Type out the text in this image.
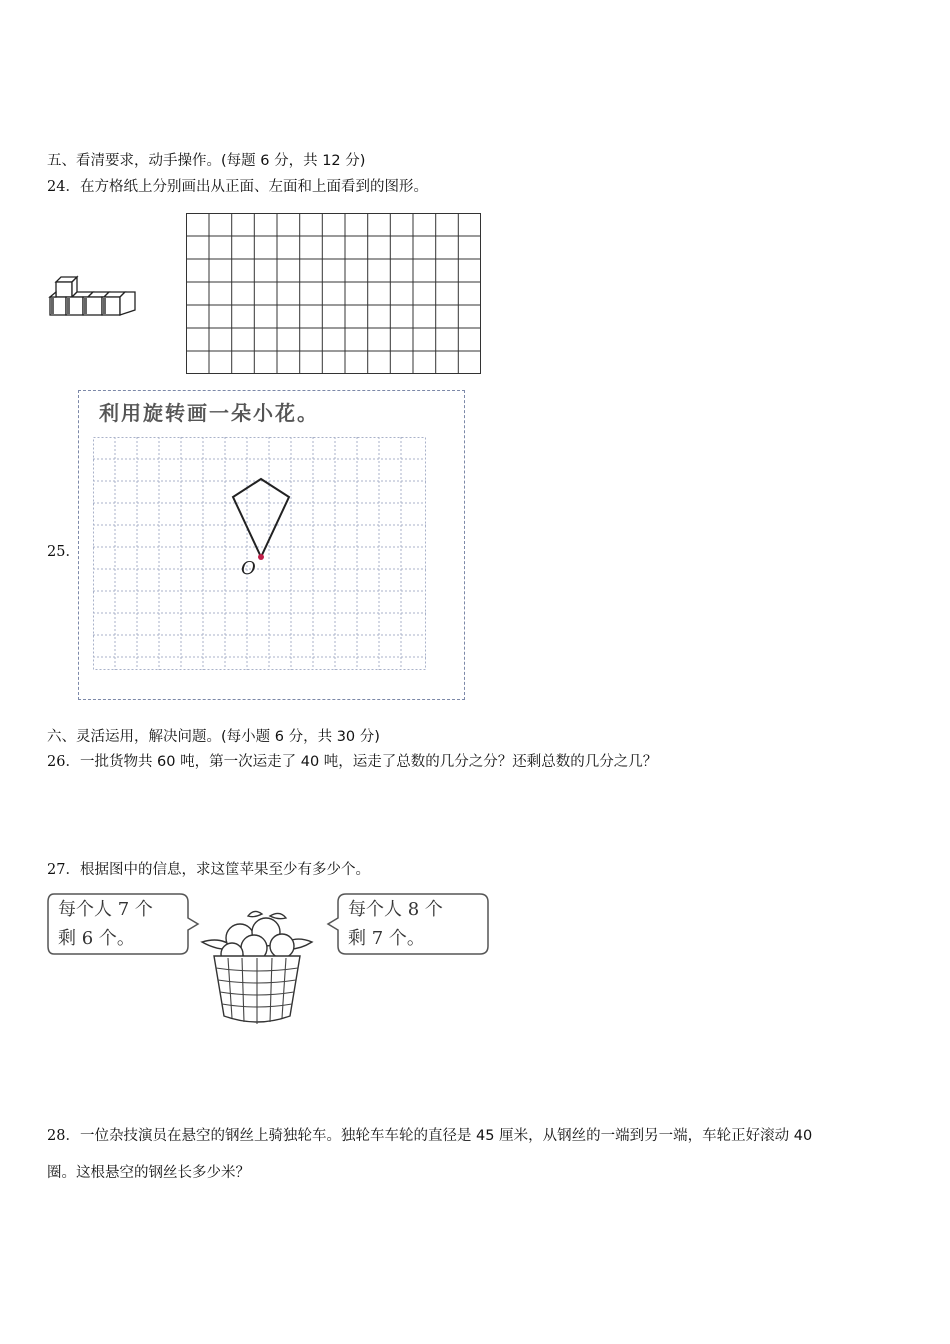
五、看清要求，动手操作。(每题 6 分，共 12 分)
24．在方格纸上分别画出从正面、左面和上面看到的图形。
25．
利用旋转画一朵小花。
O
六、灵活运用，解决问题。(每小题 6 分，共 30 分)
26．一批货物共 60 吨，第一次运走了 40 吨，运走了总数的几分之分？还剩总数的几分之几？
27．根据图中的信息，求这筐苹果至少有多少个。
每个人 7 个
剩 6 个。
每个人 8 个
剩 7 个。
28．一位杂技演员在悬空的钢丝上骑独轮车。独轮车车轮的直径是 45 厘米，从钢丝的一端到另一端，车轮正好滚动 40
圈。这根悬空的钢丝长多少米？
